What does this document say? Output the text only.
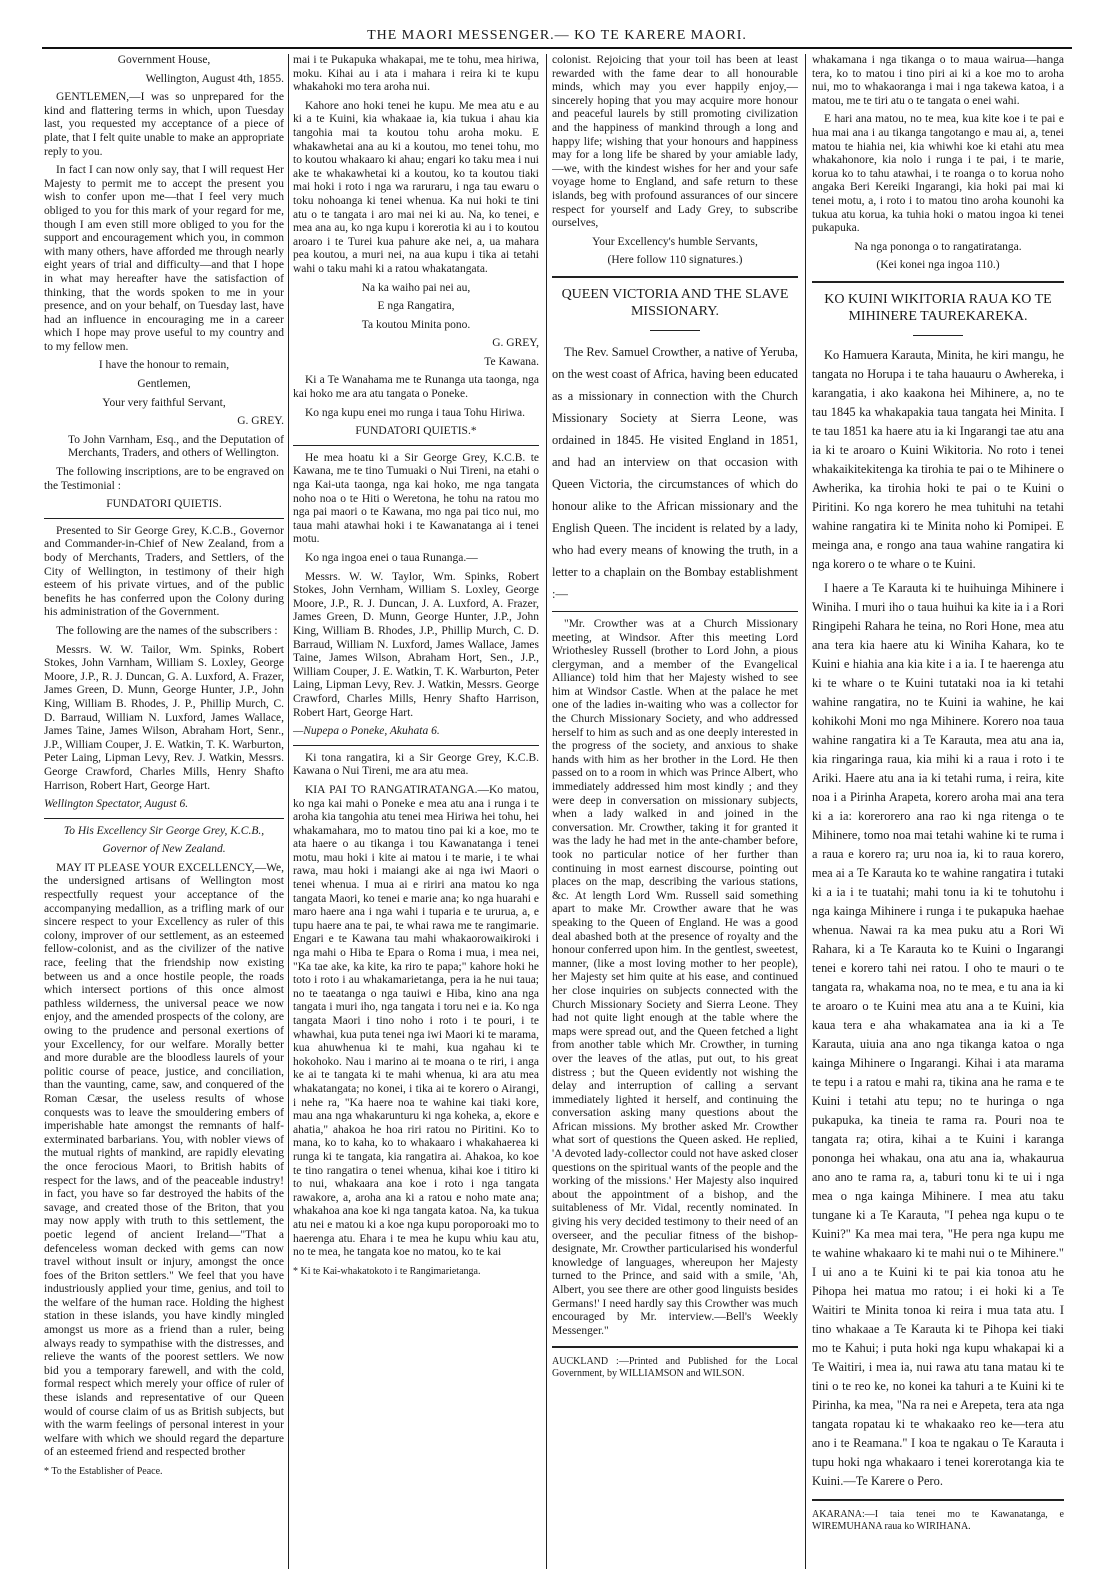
THE MAORI MESSENGER.— KO TE KARERE MAORI.

Government House,

Wellington, August 4th, 1855.

GENTLEMEN,—I was so unprepared for the kind and flattering terms in which, upon Tuesday last, you requested my acceptance of a piece of plate, that I felt quite unable to make an appropriate reply to you.

In fact I can now only say, that I will request Her Majesty to permit me to accept the present you wish to confer upon me—that I feel very much obliged to you for this mark of your regard for me, though I am even still more obliged to you for the support and encouragement which you, in common with many others, have afforded me through nearly eight years of trial and difficulty—and that I hope in what may hereafter have the satisfaction of thinking, that the words spoken to me in your presence, and on your behalf, on Tuesday last, have had an influence in encouraging me in a career which I hope may prove useful to my country and to my fellow men.

I have the honour to remain,

Gentlemen,

Your very faithful Servant,

G. GREY.

To John Varnham, Esq., and the Deputation of Merchants, Traders, and others of Wellington.

The following inscriptions, are to be engraved on the Testimonial :

FUNDATORI QUIETIS.

Presented to Sir George Grey, K.C.B., Governor and Commander-in-Chief of New Zealand, from a body of Merchants, Traders, and Settlers, of the City of Wellington, in testimony of their high esteem of his private virtues, and of the public benefits he has conferred upon the Colony during his administration of the Government.

The following are the names of the subscribers :

Messrs. W. W. Tailor, Wm. Spinks, Robert Stokes, John Varnham, William S. Loxley, George Moore, J.P., R. J. Duncan, G. A. Luxford, A. Frazer, James Green, D. Munn, George Hunter, J.P., John King, William B. Rhodes, J. P., Phillip Murch, C. D. Barraud, William N. Luxford, James Wallace, James Taine, James Wilson, Abraham Hort, Senr., J.P., William Couper, J. E. Watkin, T. K. Warburton, Peter Laing, Lipman Levy, Rev. J. Watkin, Messrs. George Crawford, Charles Mills, Henry Shafto Harrison, Robert Hart, George Hart.

Wellington Spectator, August 6.

To His Excellency Sir George Grey, K.C.B.,

Governor of New Zealand.

MAY IT PLEASE YOUR EXCELLENCY,—We, the undersigned artisans of Wellington most respectfully request your acceptance of the accompanying medallion, as a trifling mark of our sincere respect to your Excellency as ruler of this colony, improver of our settlement, as an esteemed fellow-colonist, and as the civilizer of the native race, feeling that the friendship now existing between us and a once hostile people, the roads which intersect portions of this once almost pathless wilderness, the universal peace we now enjoy, and the amended prospects of the colony, are owing to the prudence and personal exertions of your Excellency, for our welfare. Morally better and more durable are the bloodless laurels of your politic course of peace, justice, and conciliation, than the vaunting, came, saw, and conquered of the Roman Cæsar, the useless results of whose conquests was to leave the smouldering embers of imperishable hate amongst the remnants of half-exterminated barbarians. You, with nobler views of the mutual rights of mankind, are rapidly elevating the once ferocious Maori, to British habits of respect for the laws, and of the peaceable industry! in fact, you have so far destroyed the habits of the savage, and created those of the Briton, that you may now apply with truth to this settlement, the poetic legend of ancient Ireland—"That a defenceless woman decked with gems can now travel without insult or injury, amongst the once foes of the Briton settlers." We feel that you have industriously applied your time, genius, and toil to the welfare of the human race. Holding the highest station in these islands, you have kindly mingled amongst us more as a friend than a ruler, being always ready to sympathise with the distresses, and relieve the wants of the poorest settlers. We now bid you a temporary farewell, and with the cold, formal respect which merely your office of ruler of these islands and representative of our Queen would of course claim of us as British subjects, but with the warm feelings of personal interest in your welfare with which we should regard the departure of an esteemed friend and respected brother

* To the Establisher of Peace.

mai i te Pukapuka whakapai, me te tohu, mea hiriwa, moku. Kihai au i ata i mahara i reira ki te kupu whakahoki mo tera aroha nui.

Kahore ano hoki tenei he kupu. Me mea atu e au ki a te Kuini, kia whakaae ia, kia tukua i ahau kia tangohia mai ta koutou tohu aroha moku. E whakawhetai ana au ki a koutou, mo tenei tohu, mo to koutou whakaaro ki ahau; engari ko taku mea i nui ake te whakawhetai ki a koutou, ko ta koutou tiaki mai hoki i roto i nga wa raruraru, i nga tau ewaru o toku nohoanga ki tenei whenua. Ka nui hoki te tini atu o te tangata i aro mai nei ki au. Na, ko tenei, e mea ana au, ko nga kupu i korerotia ki au i to koutou aroaro i te Turei kua pahure ake nei, a, ua mahara pea koutou, a muri nei, na aua kupu i tika ai tetahi wahi o taku mahi ki a ratou whakatangata.

Na ka waiho pai nei au,

E nga Rangatira,

Ta koutou Minita pono.

G. GREY,

Te Kawana.

Ki a Te Wanahama me te Runanga uta taonga, nga kai hoko me ara atu tangata o Poneke.

Ko nga kupu enei mo runga i taua Tohu Hiriwa.

FUNDATORI QUIETIS.*

He mea hoatu ki a Sir George Grey, K.C.B. te Kawana, me te tino Tumuaki o Nui Tireni, na etahi o nga Kai-uta taonga, nga kai hoko, me nga tangata noho noa o te Hiti o Weretona, he tohu na ratou mo nga pai maori o te Kawana, mo nga pai tico nui, mo taua mahi atawhai hoki i te Kawanatanga ai i tenei motu.

Ko nga ingoa enei o taua Runanga.—

Messrs. W. W. Taylor, Wm. Spinks, Robert Stokes, John Vernham, William S. Loxley, George Moore, J.P., R. J. Duncan, J. A. Luxford, A. Frazer, James Green, D. Munn, George Hunter, J.P., John King, William B. Rhodes, J.P., Phillip Murch, C. D. Barraud, William N. Luxford, James Wallace, James Taine, James Wilson, Abraham Hort, Sen., J.P., William Couper, J. E. Watkin, T. K. Warburton, Peter Laing, Lipman Levy, Rev. J. Watkin, Messrs. George Crawford, Charles Mills, Henry Shafto Harrison, Robert Hart, George Hart.

—Nupepa o Poneke, Akuhata 6.

Ki tona rangatira, ki a Sir George Grey, K.C.B. Kawana o Nui Tireni, me ara atu mea.

KIA PAI TO RANGATIRATANGA.—Ko matou, ko nga kai mahi o Poneke e mea atu ana i runga i te aroha kia tangohia atu tenei mea Hiriwa hei tohu, hei whakamahara, mo to matou tino pai ki a koe, mo te ata haere o au tikanga i tou Kawanatanga i tenei motu, mau hoki i kite ai matou i te marie, i te whai rawa, mau hoki i maiangi ake ai nga iwi Maori o tenei whenua. I mua ai e ririri ana matou ko nga tangata Maori, ko tenei e marie ana; ko nga huarahi e maro haere ana i nga wahi i tuparia e te ururua, a, e tupu haere ana te pai, te whai rawa me te rangimarie. Engari e te Kawana tau mahi whakaorowaikiroki i nga mahi o Hiba te Epara o Roma i mua, i mea nei, "Ka tae ake, ka kite, ka riro te papa;" kahore hoki he toto i roto i au whakamarietanga, pera ia he nui taua; no te taeatanga o nga tauiwi e Hiba, kino ana nga tangata i muri iho, nga tangata i toru nei e ia. Ko nga tangata Maori i tino noho i roto i te pouri, i te whawhai, kua puta tenei nga iwi Maori ki te marama, kua ahuwhenua ki te mahi, kua ngahau ki te hokohoko. Nau i marino ai te moana o te riri, i anga ke ai te tangata ki te mahi whenua, ki ara atu mea whakatangata; no konei, i tika ai te korero o Airangi, i nehe ra, "Ka haere noa te wahine kai tiaki kore, mau ana nga whakarunturu ki nga koheka, a, ekore e ahatia," ahakoa he hoa riri ratou no Piritini. Ko to mana, ko to kaha, ko to whakaaro i whakahaerea ki runga ki te tangata, kia rangatira ai. Ahakoa, ko koe te tino rangatira o tenei whenua, kihai koe i titiro ki to nui, whakaara ana koe i roto i nga tangata rawakore, a, aroha ana ki a ratou e noho mate ana; whakahoa ana koe ki nga tangata katoa. Na, ka tukua atu nei e matou ki a koe nga kupu poroporoaki mo to haerenga atu. Ehara i te mea he kupu whiu kau atu, no te mea, he tangata koe no matou, ko te kai

* Ki te Kai-whakatokoto i te Rangimarietanga.

colonist. Rejoicing that your toil has been at least rewarded with the fame dear to all honourable minds, which may you ever happily enjoy,—sincerely hoping that you may acquire more honour and peaceful laurels by still promoting civilization and the happiness of mankind through a long and happy life; wishing that your honours and happiness may for a long life be shared by your amiable lady,—we, with the kindest wishes for her and your safe voyage home to England, and safe return to these islands, beg with profound assurances of our sincere respect for yourself and Lady Grey, to subscribe ourselves,

Your Excellency's humble Servants,

(Here follow 110 signatures.)

QUEEN VICTORIA AND THE SLAVE MISSIONARY.

The Rev. Samuel Crowther, a native of Yeruba, on the west coast of Africa, having been educated as a missionary in connection with the Church Missionary Society at Sierra Leone, was ordained in 1845. He visited England in 1851, and had an interview on that occasion with Queen Victoria, the circumstances of which do honour alike to the African missionary and the English Queen. The incident is related by a lady, who had every means of knowing the truth, in a letter to a chaplain on the Bombay establishment :—

"Mr. Crowther was at a Church Missionary meeting, at Windsor. After this meeting Lord Wriothesley Russell (brother to Lord John, a pious clergyman, and a member of the Evangelical Alliance) told him that her Majesty wished to see him at Windsor Castle. When at the palace he met one of the ladies in-waiting who was a collector for the Church Missionary Society, and who addressed herself to him as such and as one deeply interested in the progress of the society, and anxious to shake hands with him as her brother in the Lord. He then passed on to a room in which was Prince Albert, who immediately addressed him most kindly ; and they were deep in conversation on missionary subjects, when a lady walked in and joined in the conversation. Mr. Crowther, taking it for granted it was the lady he had met in the ante-chamber before, took no particular notice of her further than continuing in most earnest discourse, pointing out places on the map, describing the various stations, &c. At length Lord Wm. Russell said something apart to make Mr. Crowther aware that he was speaking to the Queen of England. He was a good deal abashed both at the presence of royalty and the honour conferred upon him. In the gentlest, sweetest, manner, (like a most loving mother to her people), her Majesty set him quite at his ease, and continued her close inquiries on subjects connected with the Church Missionary Society and Sierra Leone. They had not quite light enough at the table where the maps were spread out, and the Queen fetched a light from another table which Mr. Crowther, in turning over the leaves of the atlas, put out, to his great distress ; but the Queen evidently not wishing the delay and interruption of calling a servant immediately lighted it herself, and continuing the conversation asking many questions about the African missions. My brother asked Mr. Crowther what sort of questions the Queen asked. He replied, 'A devoted lady-collector could not have asked closer questions on the spiritual wants of the people and the working of the missions.' Her Majesty also inquired about the appointment of a bishop, and the suitableness of Mr. Vidal, recently nominated. In giving his very decided testimony to their need of an overseer, and the peculiar fitness of the bishop-designate, Mr. Crowther particularised his wonderful knowledge of languages, whereupon her Majesty turned to the Prince, and said with a smile, 'Ah, Albert, you see there are other good linguists besides Germans!' I need hardly say this Crowther was much encouraged by Mr. interview.—Bell's Weekly Messenger."

AUCKLAND :—Printed and Published for the Local Government, by WILLIAMSON and WILSON.

whakamana i nga tikanga o to maua wairua—hanga tera, ko to matou i tino piri ai ki a koe mo to aroha nui, mo to whakaoranga i mai i nga takewa katoa, i a matou, me te tiri atu o te tangata o enei wahi.

E hari ana matou, no te mea, kua kite koe i te pai e hua mai ana i au tikanga tangotango e mau ai, a, tenei matou te hiahia nei, kia whiwhi koe ki etahi atu mea whakahonore, kia nolo i runga i te pai, i te marie, korua ko to tahu atawhai, i te roanga o to korua noho angaka Beri Kereiki Ingarangi, kia hoki pai mai ki tenei motu, a, i roto i to matou tino aroha kounohi ka tukua atu korua, ka tuhia hoki o matou ingoa ki tenei pukapuka.

Na nga pononga o to rangatiratanga.

(Kei konei nga ingoa 110.)

KO KUINI WIKITORIA RAUA KO TE MIHINERE TAUREKAREKA.

Ko Hamuera Karauta, Minita, he kiri mangu, he tangata no Horupa i te taha hauauru o Awhereka, i karangatia, i ako kaakona hei Mihinere, a, no te tau 1845 ka whakapakia taua tangata hei Minita. I te tau 1851 ka haere atu ia ki Ingarangi tae atu ana ia ki te aroaro o Kuini Wikitoria. No roto i tenei whakaikitekitenga ka tirohia te pai o te Mihinere o Awherika, ka tirohia hoki te pai o te Kuini o Piritini. Ko nga korero he mea tuhituhi na tetahi wahine rangatira ki te Minita noho ki Pomipei. E meinga ana, e rongo ana taua wahine rangatira ki nga korero o te whare o te Kuini.

I haere a Te Karauta ki te huihuinga Mihinere i Winiha. I muri iho o taua huihui ka kite ia i a Rori Ringipehi Rahara he teina, no Rori Hone, mea atu ana tera kia haere atu ki Winiha Kahara, ko te Kuini e hiahia ana kia kite i a ia. I te haerenga atu ki te whare o te Kuini tutataki noa ia ki tetahi wahine rangatira, no te Kuini ia wahine, he kai kohikohi Moni mo nga Mihinere. Korero noa taua wahine rangatira ki a Te Karauta, mea atu ana ia, kia ringaringa raua, kia mihi ki a raua i roto i te Ariki. Haere atu ana ia ki tetahi ruma, i reira, kite noa i a Pirinha Arapeta, korero aroha mai ana tera ki a ia: korerorero ana rao ki nga ritenga o te Mihinere, tomo noa mai tetahi wahine ki te ruma i a raua e korero ra; uru noa ia, ki to raua korero, mea ai a Te Karauta ko te wahine rangatira i tutaki ki a ia i te tuatahi; mahi tonu ia ki te tohutohu i nga kainga Mihinere i runga i te pukapuka haehae whenua. Nawai ra ka mea puku atu a Rori Wi Rahara, ki a Te Karauta ko te Kuini o Ingarangi tenei e korero tahi nei ratou. I oho te mauri o te tangata ra, whakama noa, no te mea, e tu ana ia ki te aroaro o te Kuini mea atu ana a te Kuini, kia kaua tera e aha whakamatea ana ia ki a Te Karauta, uiuia ana ano nga tikanga katoa o nga kainga Mihinere o Ingarangi. Kihai i ata marama te tepu i a ratou e mahi ra, tikina ana he rama e te Kuini i tetahi atu tepu; no te huringa o nga pukapuka, ka tineia te rama ra. Pouri noa te tangata ra; otira, kihai a te Kuini i karanga pononga hei whakau, ona atu ana ia, whakaurua ano ano te rama ra, a, taburi tonu ki te ui i nga mea o nga kainga Mihinere. I mea atu taku tungane ki a Te Karauta, "I pehea nga kupu o te Kuini?" Ka mea mai tera, "He pera nga kupu me te wahine whakaaro ki te mahi nui o te Mihinere." I ui ano a te Kuini ki te pai kia tonoa atu he Pihopa hei matua mo ratou; i ei hoki ki a Te Waitiri te Minita tonoa ki reira i mua tata atu. I tino whakaae a Te Karauta ki te Pihopa kei tiaki mo te Kahui; i puta hoki nga kupu whakapai ki a Te Waitiri, i mea ia, nui rawa atu tana matau ki te tini o te reo ke, no konei ka tahuri a te Kuini ki te Pirinha, ka mea, "Na ra nei e Arepeta, tera ata nga tangata ropatau ki te whakaako reo ke—tera atu ano i te Reamana." I koa te ngakau o Te Karauta i tupu hoki nga whakaaro i tenei korerotanga kia te Kuini.—Te Karere o Pero.

AKARANA:—I taia tenei mo te Kawanatanga, e WIREMUHANA raua ko WIRIHANA.
